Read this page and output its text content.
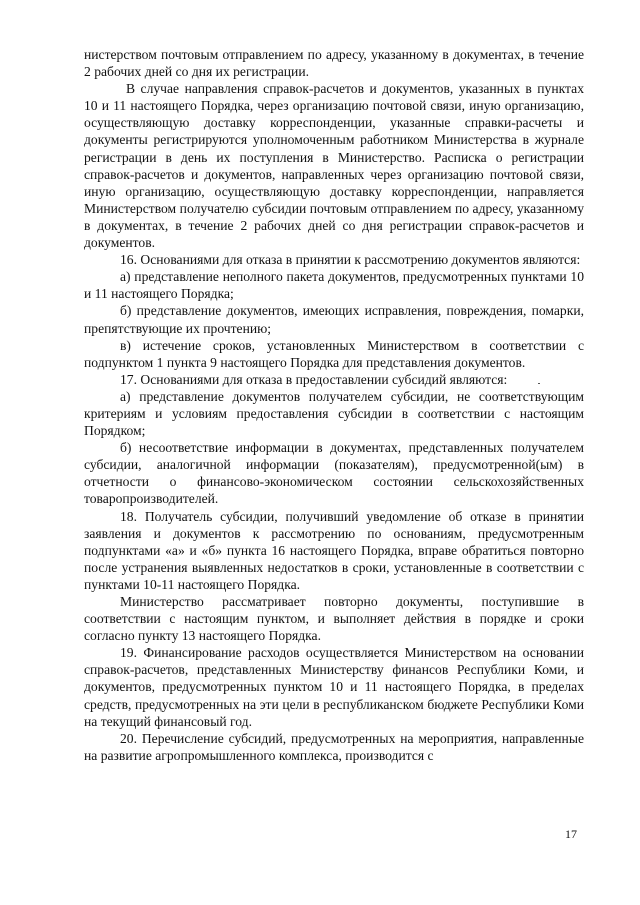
нистерством почтовым отправлением по адресу, указанному в документах, в течение 2 рабочих дней со дня их регистрации.

В случае направления справок-расчетов и документов, указанных в пунктах 10 и 11 настоящего Порядка, через организацию почтовой связи, иную организацию, осуществляющую доставку корреспонденции, указанные справки-расчеты и документы регистрируются уполномоченным работником Министерства в журнале регистрации в день их поступления в Министерство. Расписка о регистрации справок-расчетов и документов, направленных через организацию почтовой связи, иную организацию, осуществляющую доставку корреспонденции, направляется Министерством получателю субсидии почтовым отправлением по адресу, указанному в документах, в течение 2 рабочих дней со дня регистрации справок-расчетов и документов.

16. Основаниями для отказа в принятии к рассмотрению документов являются:

а) представление неполного пакета документов, предусмотренных пунктами 10 и 11 настоящего Порядка;

б) представление документов, имеющих исправления, повреждения, помарки, препятствующие их прочтению;

в) истечение сроков, установленных Министерством в соответствии с подпунктом 1 пункта 9 настоящего Порядка для представления документов.

17. Основаниями для отказа в предоставлении субсидий являются:

а) представление документов получателем субсидии, не соответствующим критериям и условиям предоставления субсидии в соответствии с настоящим Порядком;

б) несоответствие информации в документах, представленных получателем субсидии, аналогичной информации (показателям), предусмотренной(ым) в отчетности о финансово-экономическом состоянии сельскохозяйственных товаропроизводителей.

18. Получатель субсидии, получивший уведомление об отказе в принятии заявления и документов к рассмотрению по основаниям, предусмотренным подпунктами «а» и «б» пункта 16 настоящего Порядка, вправе обратиться повторно после устранения выявленных недостатков в сроки, установленные в соответствии с пунктами 10-11 настоящего Порядка.

Министерство рассматривает повторно документы, поступившие в соответствии с настоящим пунктом, и выполняет действия в порядке и сроки согласно пункту 13 настоящего Порядка.

19. Финансирование расходов осуществляется Министерством на основании справок-расчетов, представленных Министерству финансов Республики Коми, и документов, предусмотренных пунктом 10 и 11 настоящего Порядка, в пределах средств, предусмотренных на эти цели в республиканском бюджете Республики Коми на текущий финансовый год.

20. Перечисление субсидий, предусмотренных на мероприятия, направленные на развитие агропромышленного комплекса, производится с

17
